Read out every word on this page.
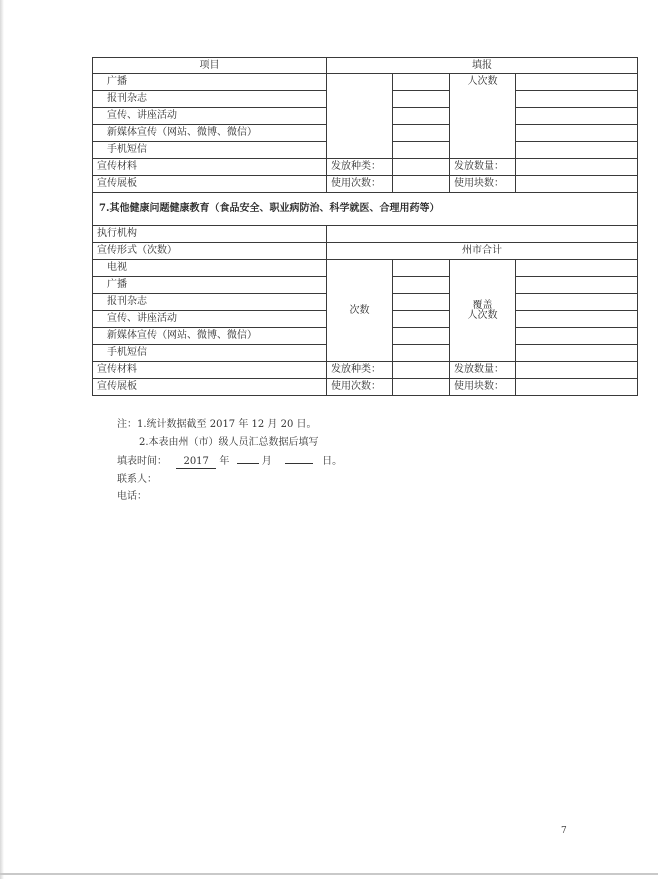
项目	填报			
广播			人次数	
报刊杂志				
宣传、讲座活动				
新媒体宣传（网站、微博、微信）				
手机短信				
宣传材料	发放种类：		发放数量：	
宣传展板	使用次数：		使用块数：	
7.其他健康问题健康教育（食品安全、职业病防治、科学就医、合理用药等）				
执行机构				
宣传形式（次数）	州市合计			
电视	次数		覆盖
人次数	
广播				
报刊杂志				
宣传、讲座活动				
新媒体宣传（网站、微博、微信）				
手机短信				
宣传材料	发放种类：		发放数量：	
宣传展板	使用次数：		使用块数：	
注：1.统计数据截至 2017 年 12 月 20 日。
2.本表由州（市）级人员汇总数据后填写
填表时间： 2017 年	月	日。
联系人：
电话：
7
